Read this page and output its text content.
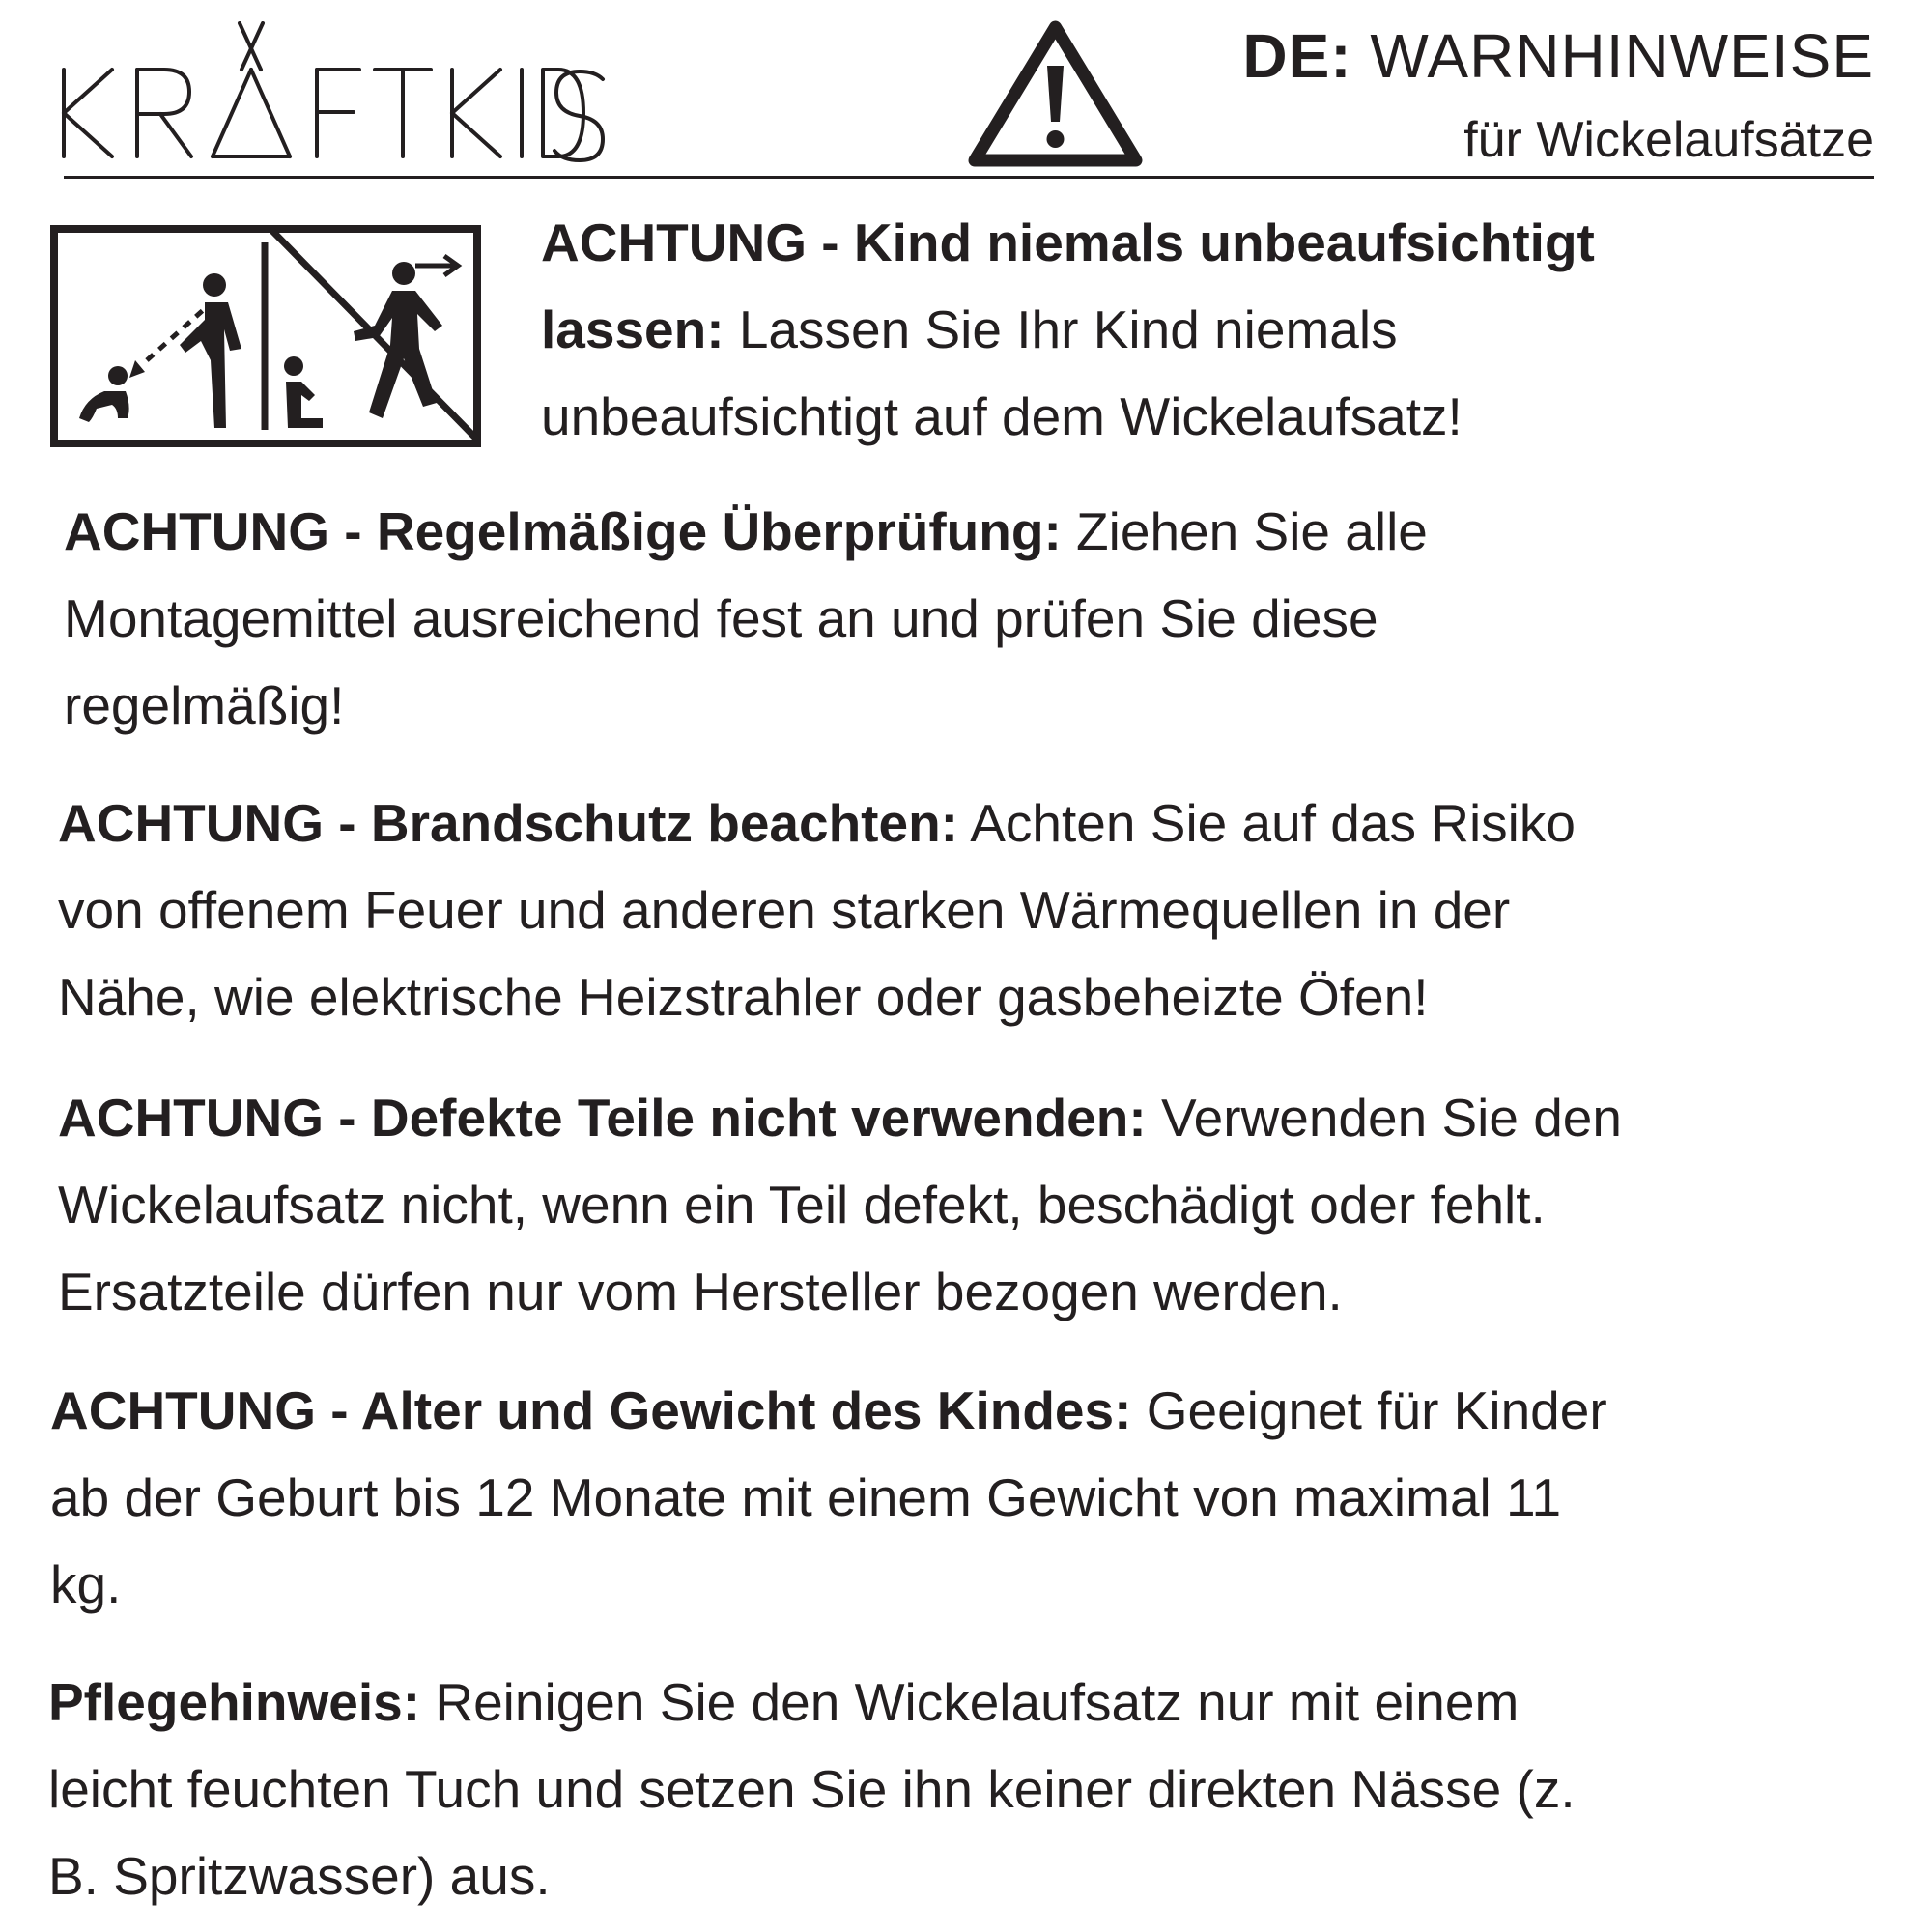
DE: WARNHINWEISE
für Wickelaufsätze
ACHTUNG - Kind niemals unbeaufsichtigt
lassen: Lassen Sie Ihr Kind niemals
unbeaufsichtigt auf dem Wickelaufsatz!
ACHTUNG - Regelmäßige Überprüfung: Ziehen Sie alle
Montagemittel ausreichend fest an und prüfen Sie diese
regelmäßig!
ACHTUNG - Brandschutz beachten: Achten Sie auf das Risiko
von offenem Feuer und anderen starken Wärmequellen in der
Nähe, wie elektrische Heizstrahler oder gasbeheizte Öfen!
ACHTUNG - Defekte Teile nicht verwenden: Verwenden Sie den
Wickelaufsatz nicht, wenn ein Teil defekt, beschädigt oder fehlt.
Ersatzteile dürfen nur vom Hersteller bezogen werden.
ACHTUNG - Alter und Gewicht des Kindes: Geeignet für Kinder
ab der Geburt bis 12 Monate mit einem Gewicht von maximal 11
kg.
Pflegehinweis: Reinigen Sie den Wickelaufsatz nur mit einem
leicht feuchten Tuch und setzen Sie ihn keiner direkten Nässe (z.
B. Spritzwasser) aus.
